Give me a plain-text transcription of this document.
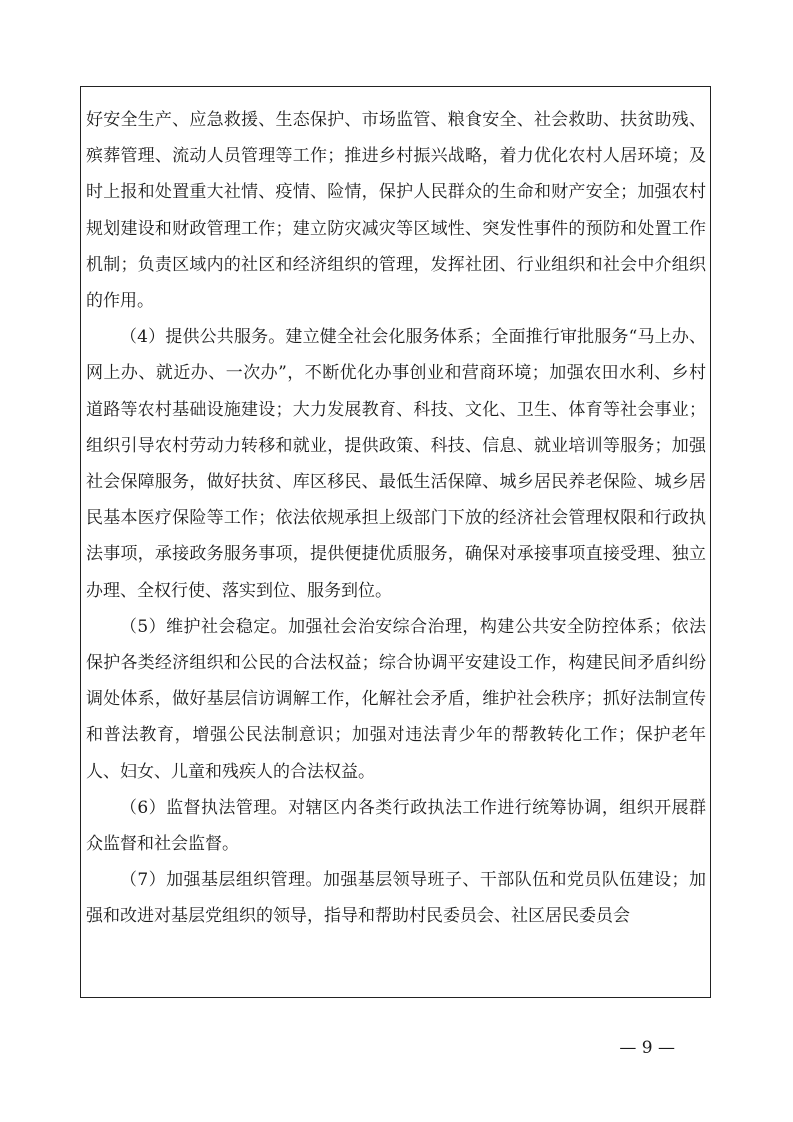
好安全生产、应急救援、生态保护、市场监管、粮食安全、社会救助、扶贫助残、殡葬管理、流动人员管理等工作；推进乡村振兴战略，着力优化农村人居环境；及时上报和处置重大社情、疫情、险情，保护人民群众的生命和财产安全；加强农村规划建设和财政管理工作；建立防灾减灾等区域性、突发性事件的预防和处置工作机制；负责区域内的社区和经济组织的管理，发挥社团、行业组织和社会中介组织的作用。

（4）提供公共服务。建立健全社会化服务体系；全面推行审批服务“马上办、网上办、就近办、一次办”，不断优化办事创业和营商环境；加强农田水利、乡村道路等农村基础设施建设；大力发展教育、科技、文化、卫生、体育等社会事业；组织引导农村劳动力转移和就业，提供政策、科技、信息、就业培训等服务；加强社会保障服务，做好扶贫、库区移民、最低生活保障、城乡居民养老保险、城乡居民基本医疗保险等工作；依法依规承担上级部门下放的经济社会管理权限和行政执法事项，承接政务服务事项，提供便捷优质服务，确保对承接事项直接受理、独立办理、全权行使、落实到位、服务到位。

（5）维护社会稳定。加强社会治安综合治理，构建公共安全防控体系；依法保护各类经济组织和公民的合法权益；综合协调平安建设工作，构建民间矛盾纠纷调处体系，做好基层信访调解工作，化解社会矛盾，维护社会秩序；抓好法制宣传和普法教育，增强公民法制意识；加强对违法青少年的帮教转化工作；保护老年人、妇女、儿童和残疾人的合法权益。

（6）监督执法管理。对辖区内各类行政执法工作进行统筹协调，组织开展群众监督和社会监督。

（7）加强基层组织管理。加强基层领导班子、干部队伍和党员队伍建设；加强和改进对基层党组织的领导，指导和帮助村民委员会、社区居民委员会

— 9 —
